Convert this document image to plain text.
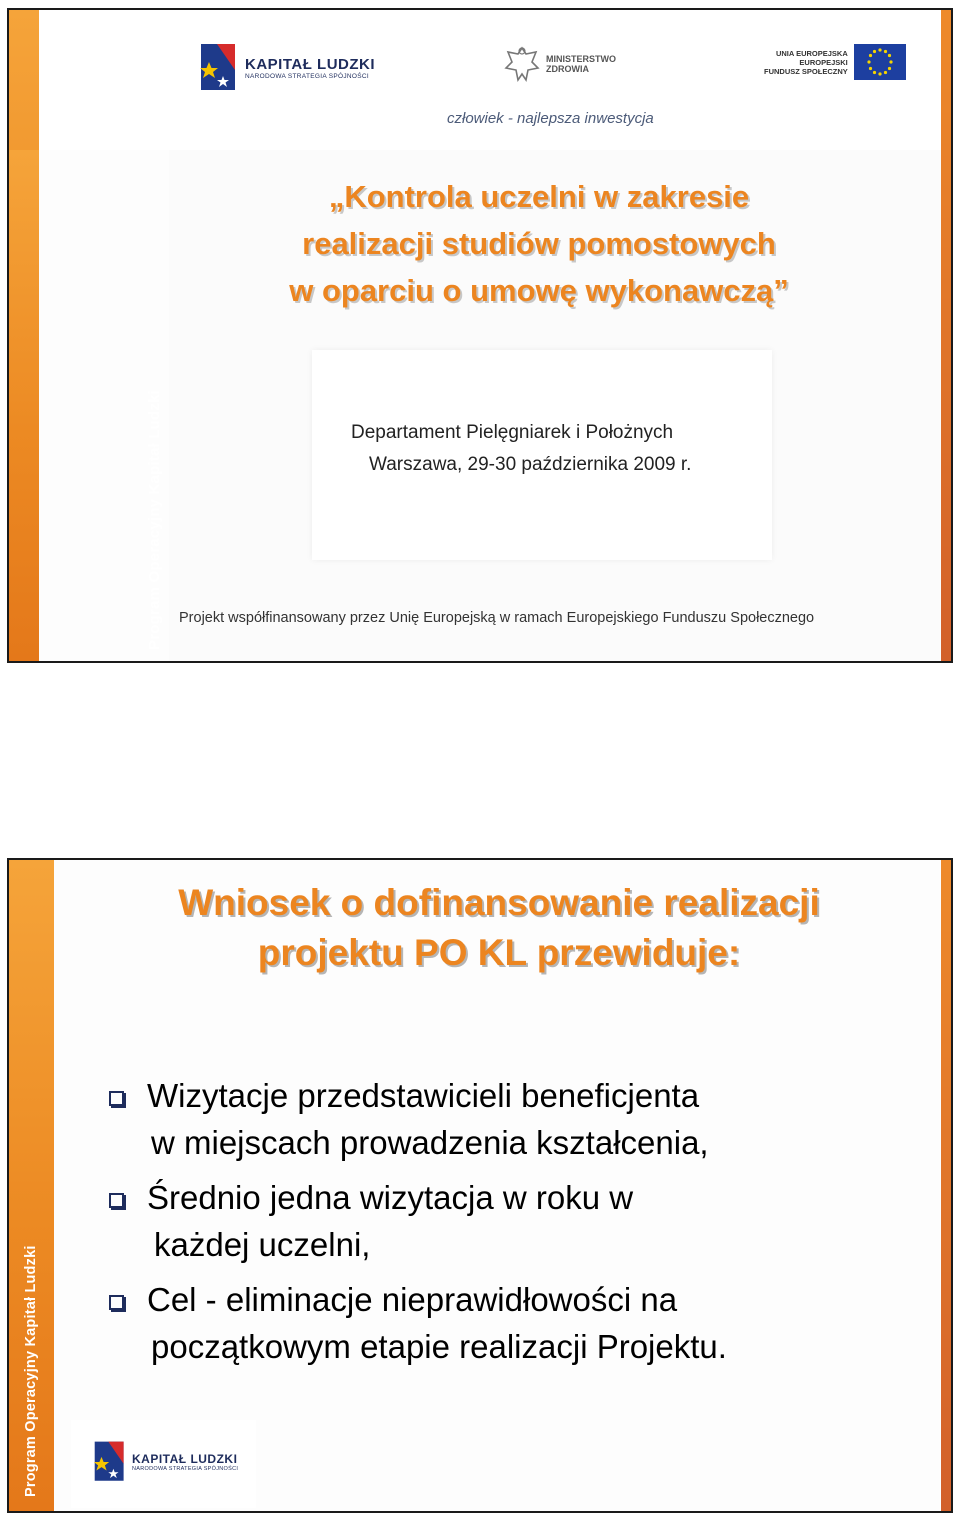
Program Operacyjny Kapitał Ludzki
KAPITAŁ LUDZKI
NARODOWA STRATEGIA SPÓJNOŚCI
MINISTERSTWO
ZDROWIA
UNIA EUROPEJSKA
EUROPEJSKI
FUNDUSZ SPOŁECZNY
człowiek - najlepsza inwestycja
„Kontrola uczelni w zakresie
realizacji studiów pomostowych
w oparciu o umowę wykonawczą”
Departament Pielęgniarek i Położnych
Warszawa, 29-30 października 2009 r.
Projekt współfinansowany przez Unię Europejską w ramach Europejskiego Funduszu Społecznego
Program Operacyjny Kapitał Ludzki
Wniosek o dofinansowanie realizacji
projektu PO KL przewiduje:
Wizytacje przedstawicieli beneficjenta
w miejscach prowadzenia kształcenia,
Średnio jedna wizytacja w roku w
każdej uczelni,
Cel - eliminacje nieprawidłowości na
początkowym etapie realizacji Projektu.
KAPITAŁ LUDZKI
NARODOWA STRATEGIA SPÓJNOŚCI
